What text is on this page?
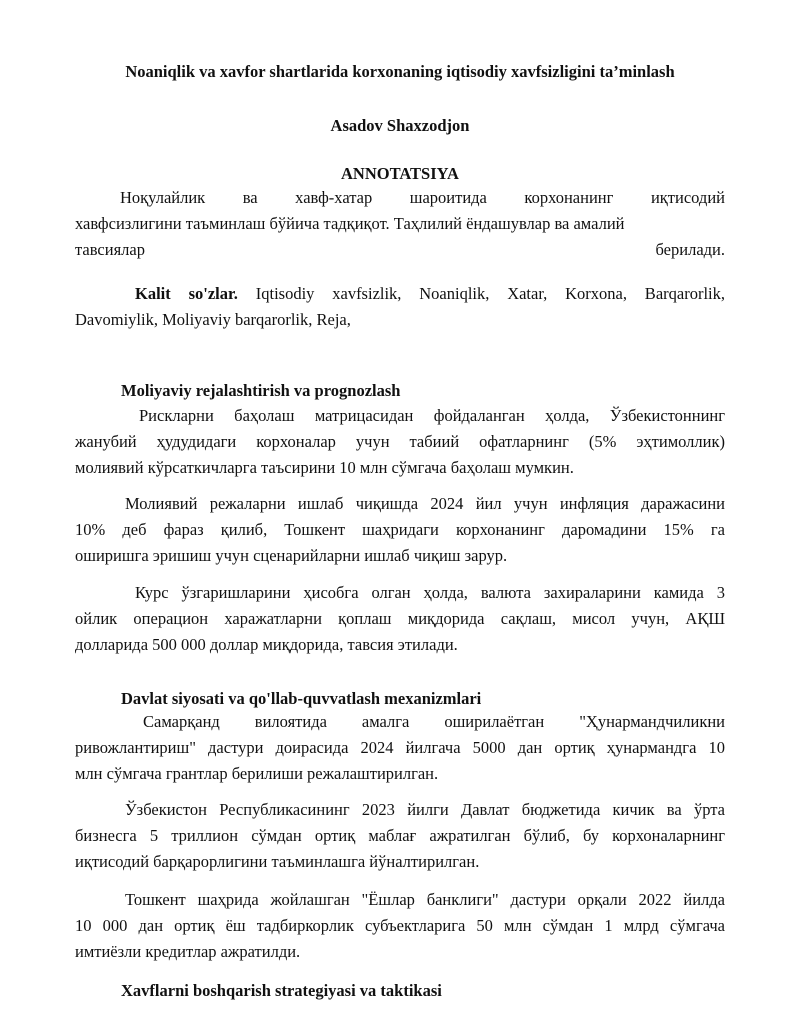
Noaniqlik va xavfor shartlarida korxonaning iqtisodiy xavfsizligini ta’minlash
Asadov Shaxzodjon
ANNOTATSIYA
Ноқулайлик ва хавф-хатар шароитида корхонанинг иқтисодий
хавфсизлигини таъминлаш бўйича тадқиқот. Таҳлилий ёндашувлар ва амалий
тавсиялар	берилади.
Kalit so'zlar. Iqtisodiy xavfsizlik, Noaniqlik, Xatar, Korxona, Barqarorlik,
Davomiylik, Moliyaviy barqarorlik, Reja,
Moliyaviy rejalashtirish va prognozlash
Рискларни баҳолаш матрицасидан фойдаланган ҳолда, Ўзбекистоннинг
жанубий ҳудудидаги корхоналар учун табиий офатларнинг (5% эҳтимоллик)
молиявий кўрсаткичларга таъсирини 10 млн сўмгача баҳолаш мумкин.
Молиявий режаларни ишлаб чиқишда 2024 йил учун инфляция даражасини
10% деб фараз қилиб, Тошкент шаҳридаги корхонанинг даромадини 15% га
оширишга эришиш учун сценарийларни ишлаб чиқиш зарур.
Курс ўзгаришларини ҳисобга олган ҳолда, валюта захираларини камида 3
ойлик операцион харажатларни қоплаш миқдорида сақлаш, мисол учун, АҚШ
долларида 500 000 доллар миқдорида, тавсия этилади.
Davlat siyosati va qo'llab-quvvatlash mexanizmlari
Самарқанд вилоятида амалга оширилаётган "Ҳунармандчиликни
ривожлантириш" дастури доирасида 2024 йилгача 5000 дан ортиқ ҳунармандга 10
млн сўмгача грантлар берилиши режалаштирилган.
Ўзбекистон Республикасининг 2023 йилги Давлат бюджетида кичик ва ўрта
бизнесга 5 триллион сўмдан ортиқ маблағ ажратилган бўлиб, бу корхоналарнинг
иқтисодий барқарорлигини таъминлашга йўналтирилган.
Тошкент шаҳрида жойлашган "Ёшлар банклиги" дастури орқали 2022 йилда
10 000 дан ортиқ ёш тадбиркорлик субъектларига 50 млн сўмдан 1 млрд сўмгача
имтиёзли кредитлар ажратилди.
Xavflarni boshqarish strategiyasi va taktikasi
